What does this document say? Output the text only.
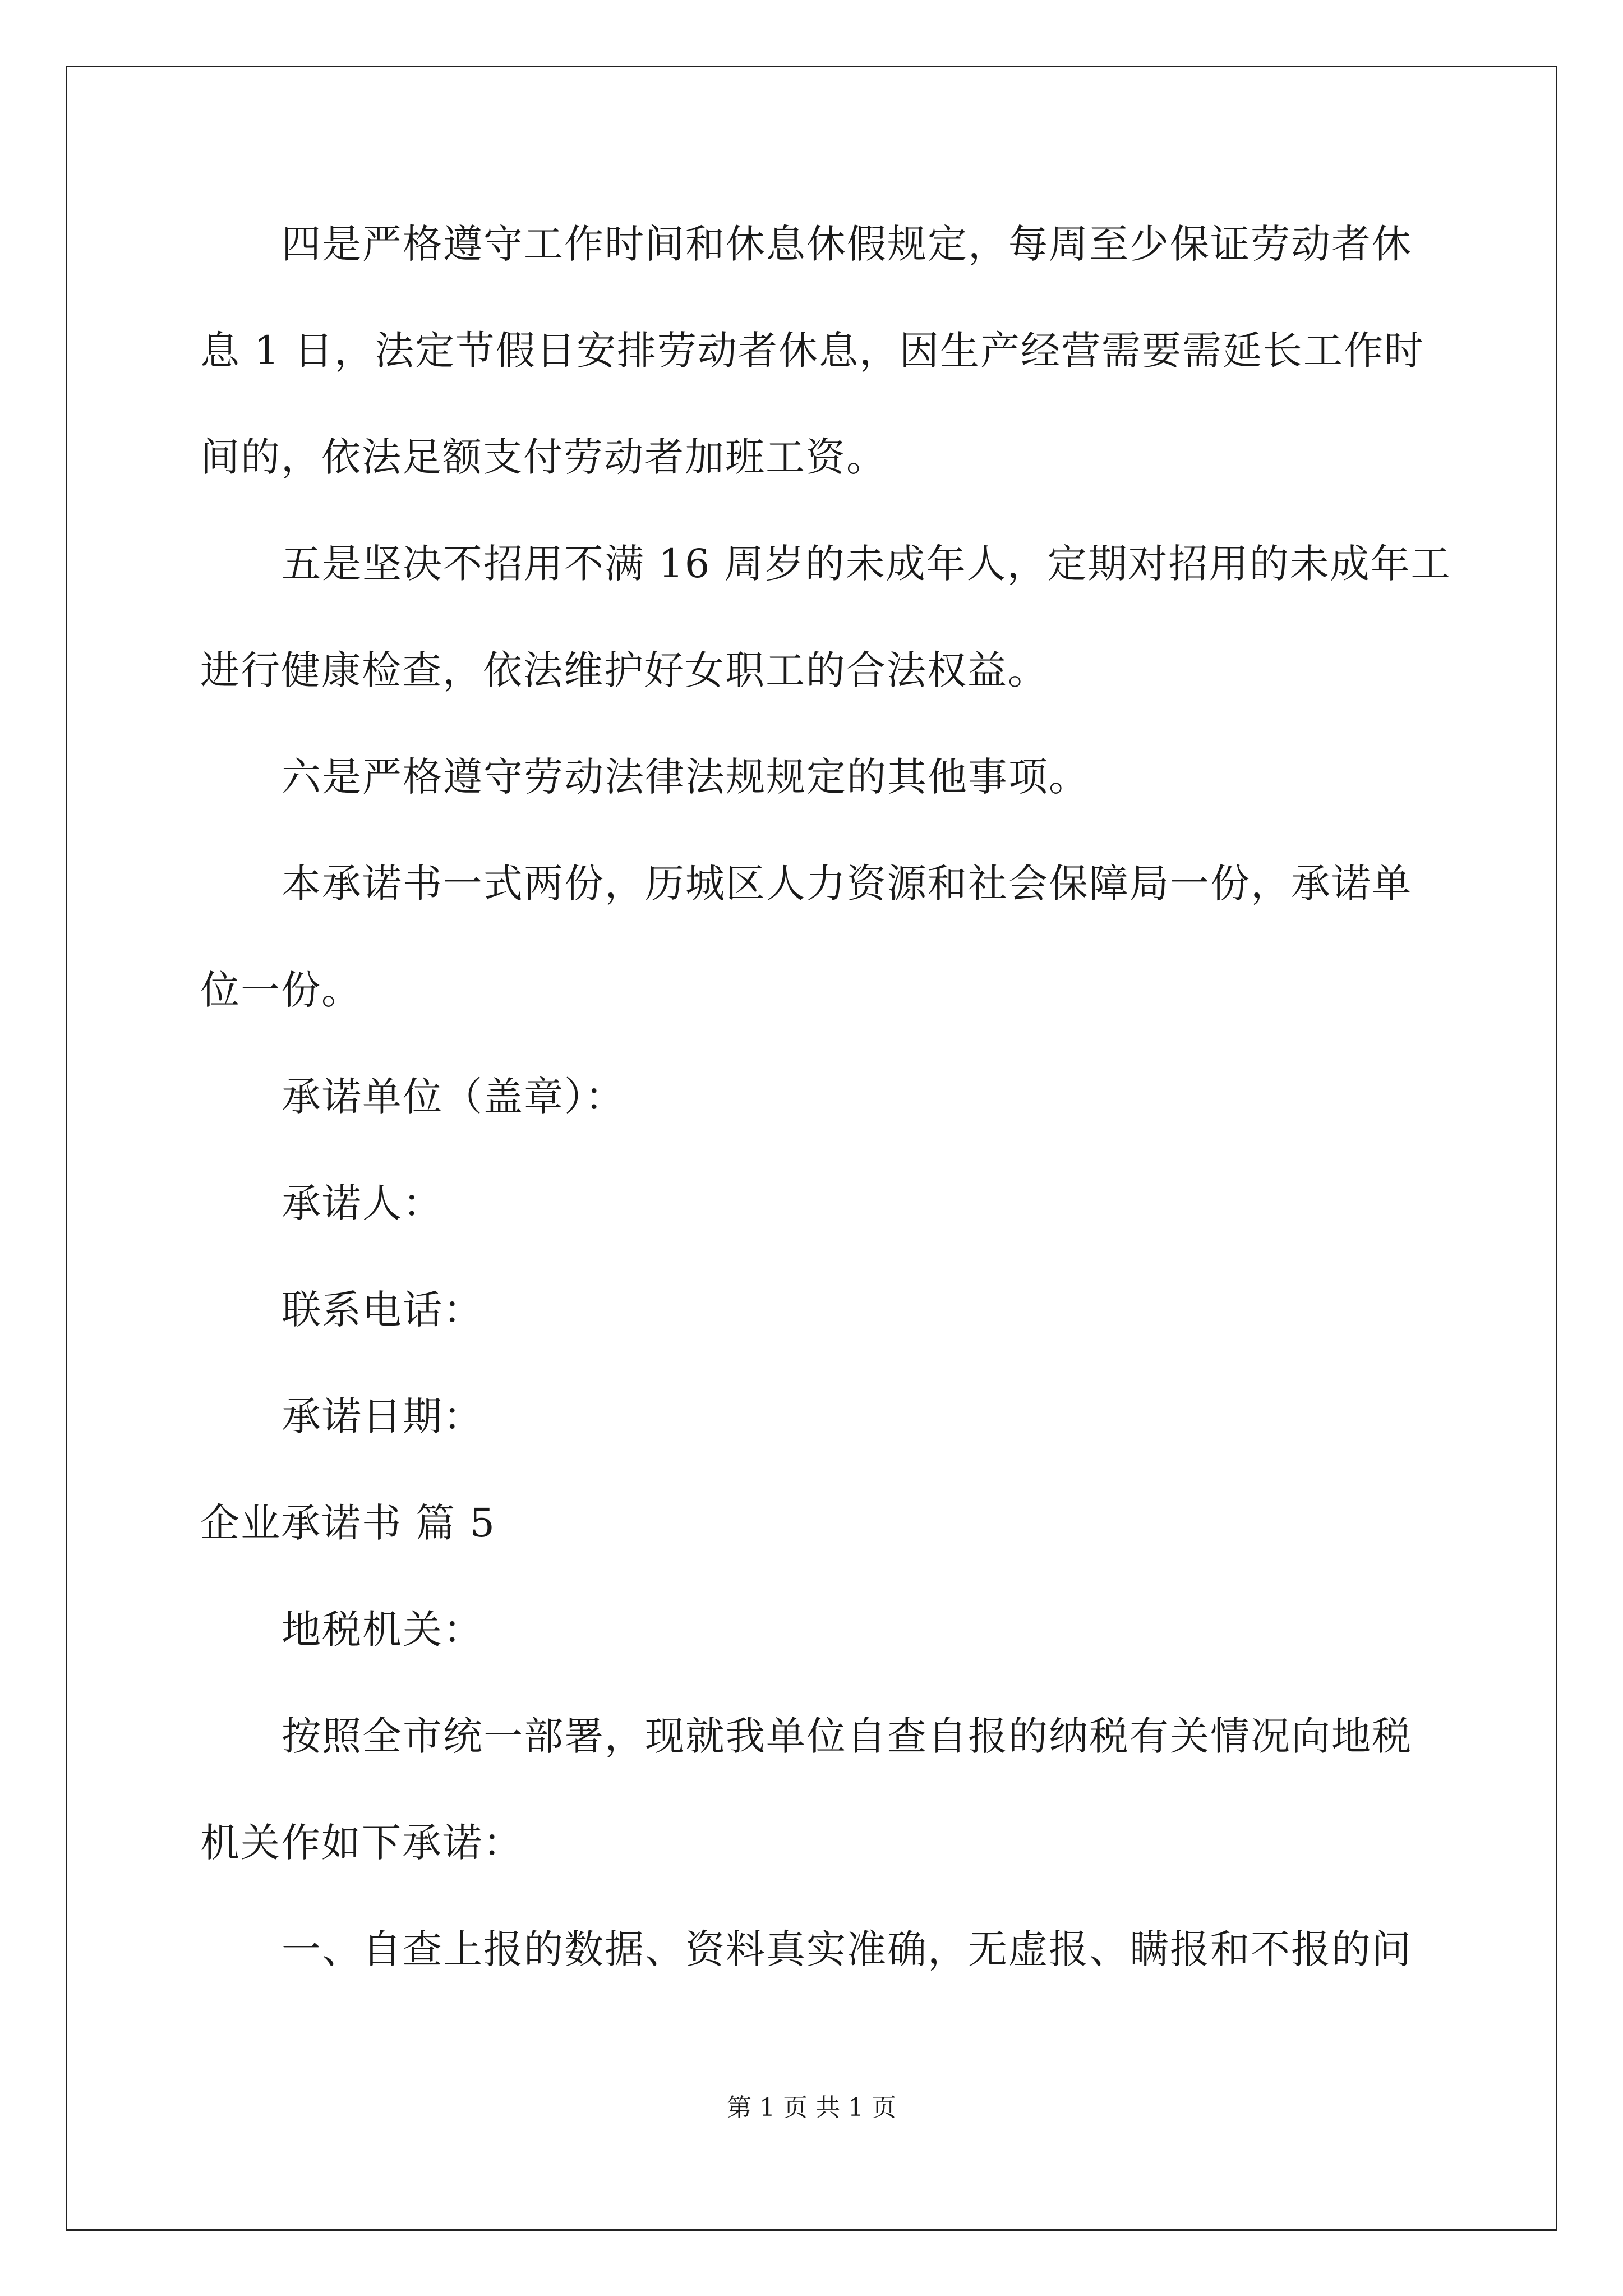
四是严格遵守工作时间和休息休假规定，每周至少保证劳动者休
息 1 日，法定节假日安排劳动者休息，因生产经营需要需延长工作时
间的，依法足额支付劳动者加班工资。
五是坚决不招用不满 16 周岁的未成年人，定期对招用的未成年工
进行健康检查，依法维护好女职工的合法权益。
六是严格遵守劳动法律法规规定的其他事项。
本承诺书一式两份，历城区人力资源和社会保障局一份，承诺单
位一份。
承诺单位（盖章）：
承诺人：
联系电话：
承诺日期：
企业承诺书 篇 5
地税机关：
按照全市统一部署，现就我单位自查自报的纳税有关情况向地税
机关作如下承诺：
一、自查上报的数据、资料真实准确，无虚报、瞒报和不报的问
第 1 页 共 1 页
